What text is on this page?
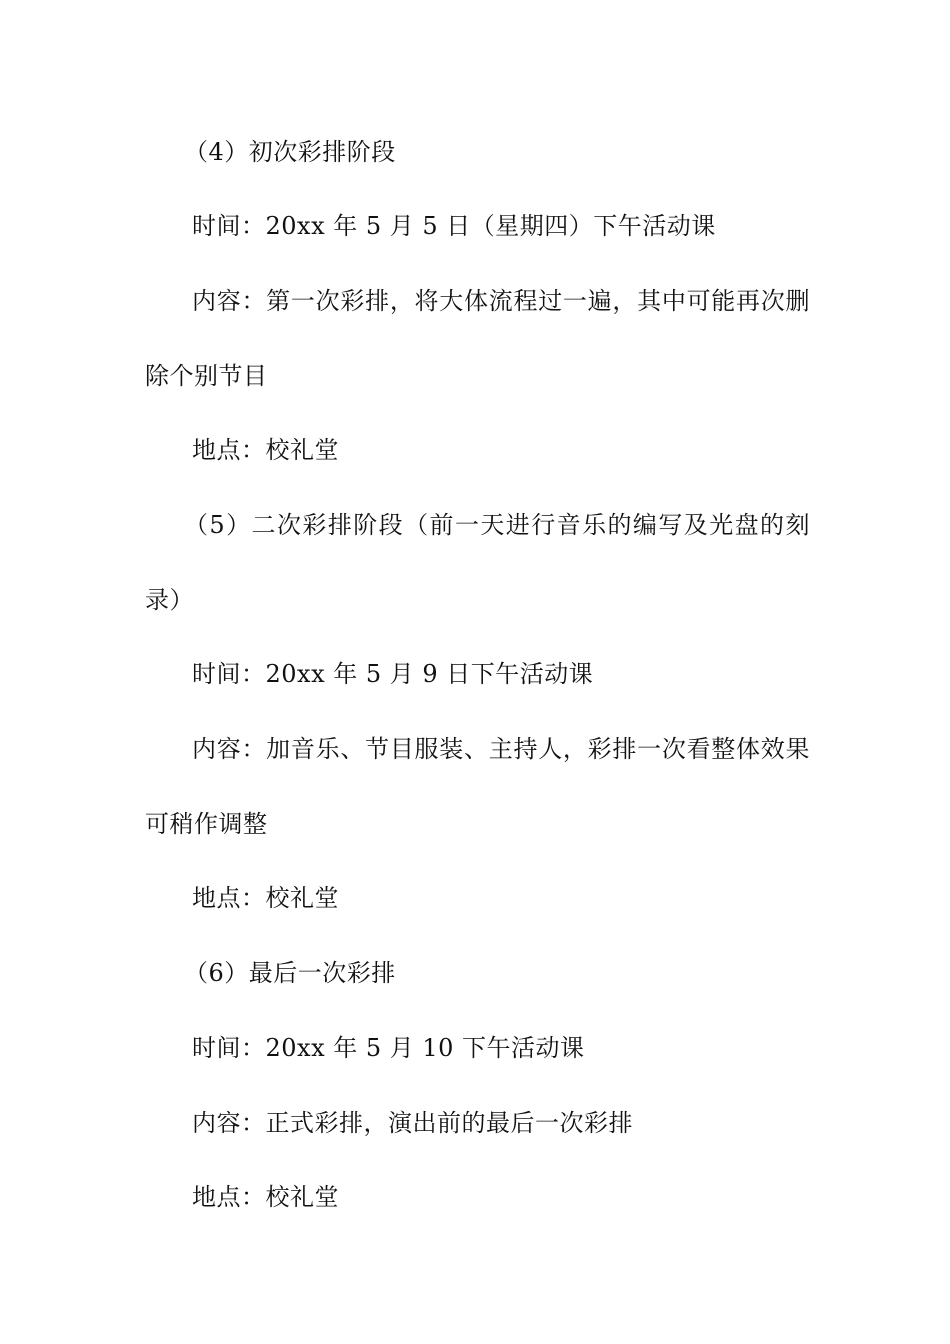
（4）初次彩排阶段
时间：20xx 年 5 月 5 日（星期四）下午活动课
内容：第一次彩排，将大体流程过一遍，其中可能再次删
除个别节目
地点：校礼堂
（5）二次彩排阶段（前一天进行音乐的编写及光盘的刻
录）
时间：20xx 年 5 月 9 日下午活动课
内容：加音乐、节目服装、主持人，彩排一次看整体效果
可稍作调整
地点：校礼堂
（6）最后一次彩排
时间：20xx 年 5 月 10 下午活动课
内容：正式彩排，演出前的最后一次彩排
地点：校礼堂
